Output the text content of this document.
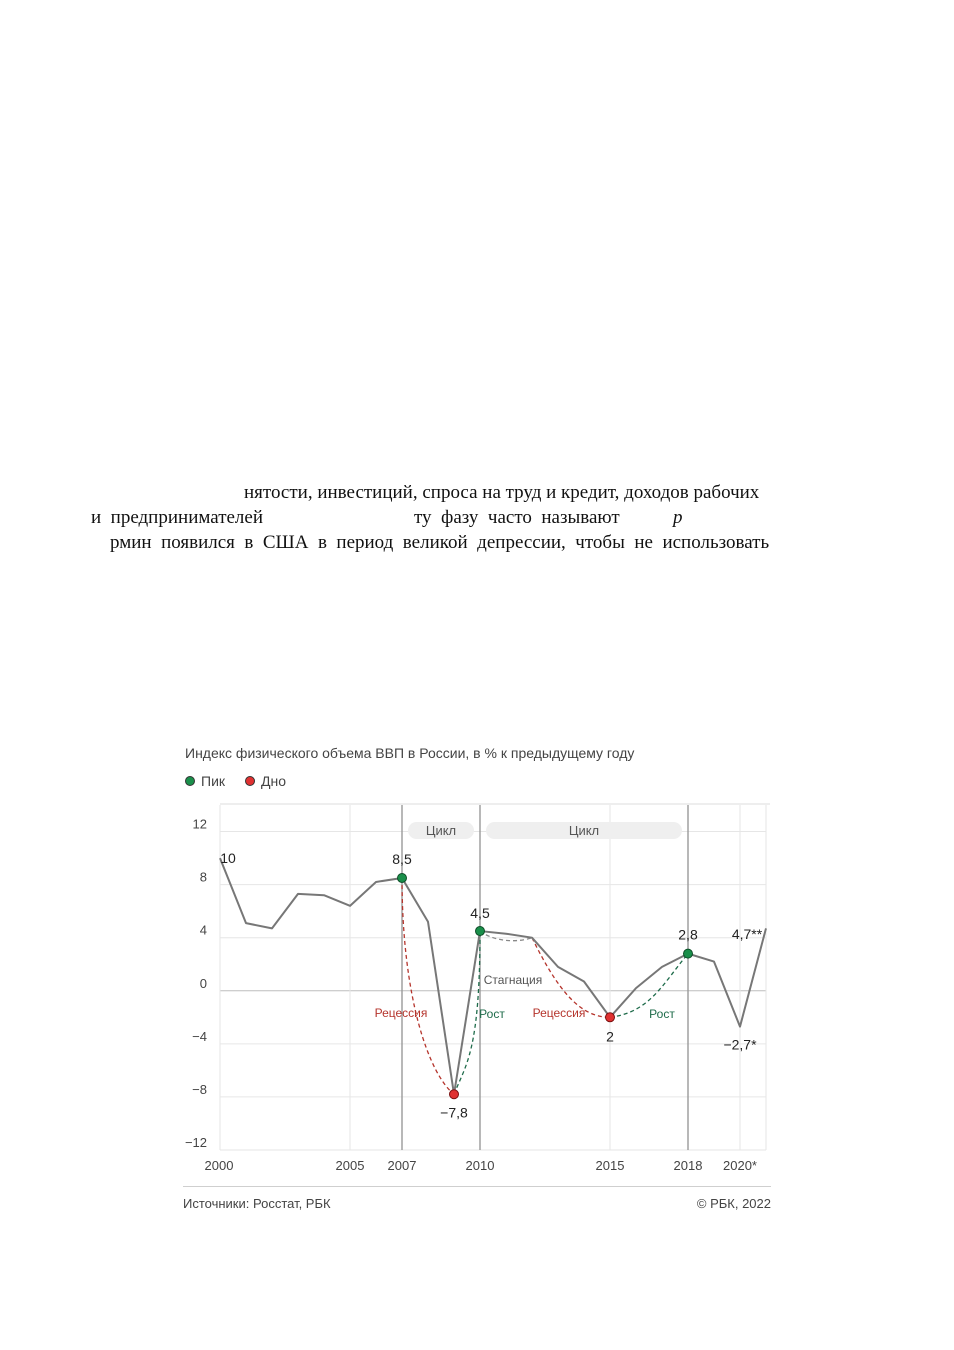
нятости, инвестиций, спроса на труд и кредит, доходов рабочих
и  предпринимателей	ту  фазу  часто  называют	р
рмин  появился  в  США  в  период  великой  депрессии,  чтобы  не  использовать
Индекс физического объема ВВП в России, в % к предыдущему году
Пик	Дно
12
8
4
0
−4
−8
−12
2000	2005 2007	2010	2015	2018 2020*
Цикл	Цикл
Рецессия	Рост
Стагнация
Рецессия	Рост
8,5
4,5
2,8
−7,8
2
10
−2,7*
4,7**
Источники: Росстат, РБК	© РБК, 2022
